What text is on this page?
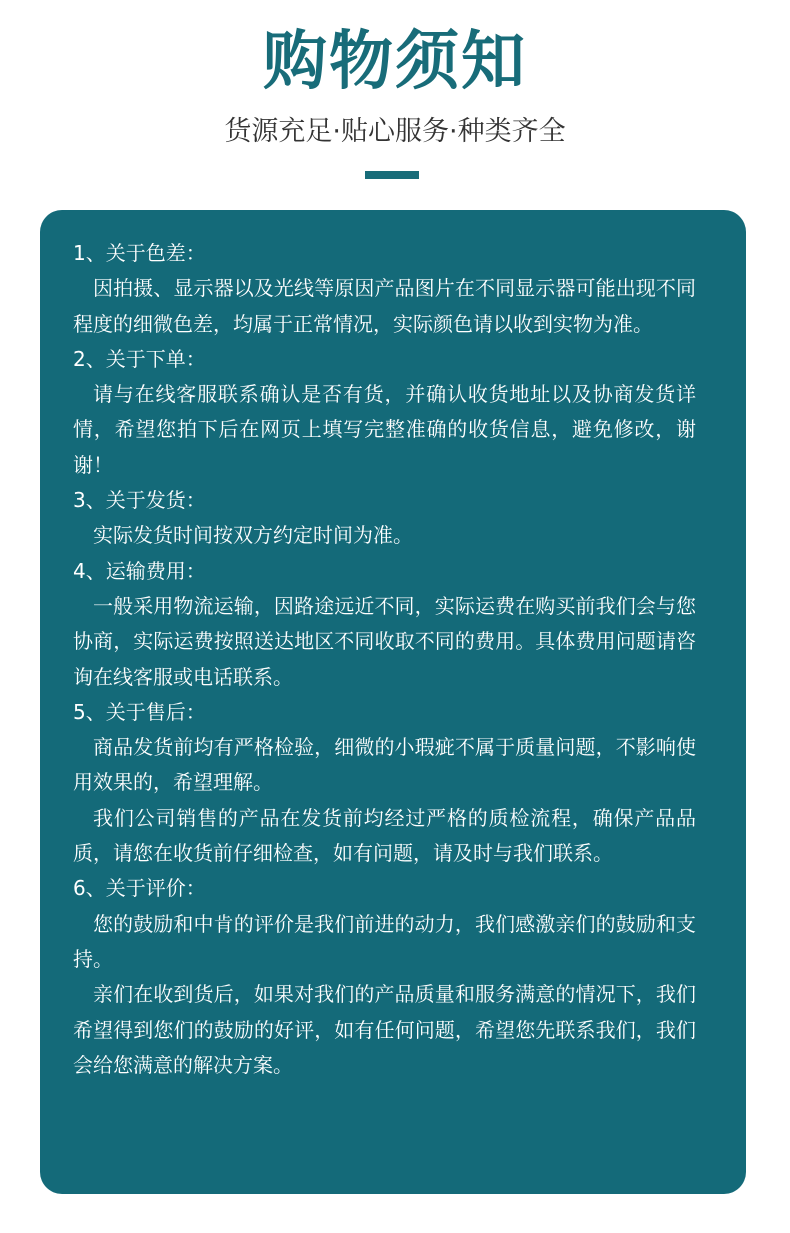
购物须知
货源充足·贴心服务·种类齐全

1、关于色差：

因拍摄、显示器以及光线等原因产品图片在不同显示器可能出现不同程度的细微色差，均属于正常情况，实际颜色请以收到实物为准。

2、关于下单：

请与在线客服联系确认是否有货，并确认收货地址以及协商发货详情，希望您拍下后在网页上填写完整准确的收货信息，避免修改，谢谢！

3、关于发货：

实际发货时间按双方约定时间为准。

4、运输费用：

一般采用物流运输，因路途远近不同，实际运费在购买前我们会与您协商，实际运费按照送达地区不同收取不同的费用。具体费用问题请咨询在线客服或电话联系。

5、关于售后：

商品发货前均有严格检验，细微的小瑕疵不属于质量问题，不影响使用效果的，希望理解。

我们公司销售的产品在发货前均经过严格的质检流程，确保产品品质，请您在收货前仔细检查，如有问题，请及时与我们联系。

6、关于评价：

您的鼓励和中肯的评价是我们前进的动力，我们感激亲们的鼓励和支持。

亲们在收到货后，如果对我们的产品质量和服务满意的情况下，我们希望得到您们的鼓励的好评，如有任何问题，希望您先联系我们，我们会给您满意的解决方案。
